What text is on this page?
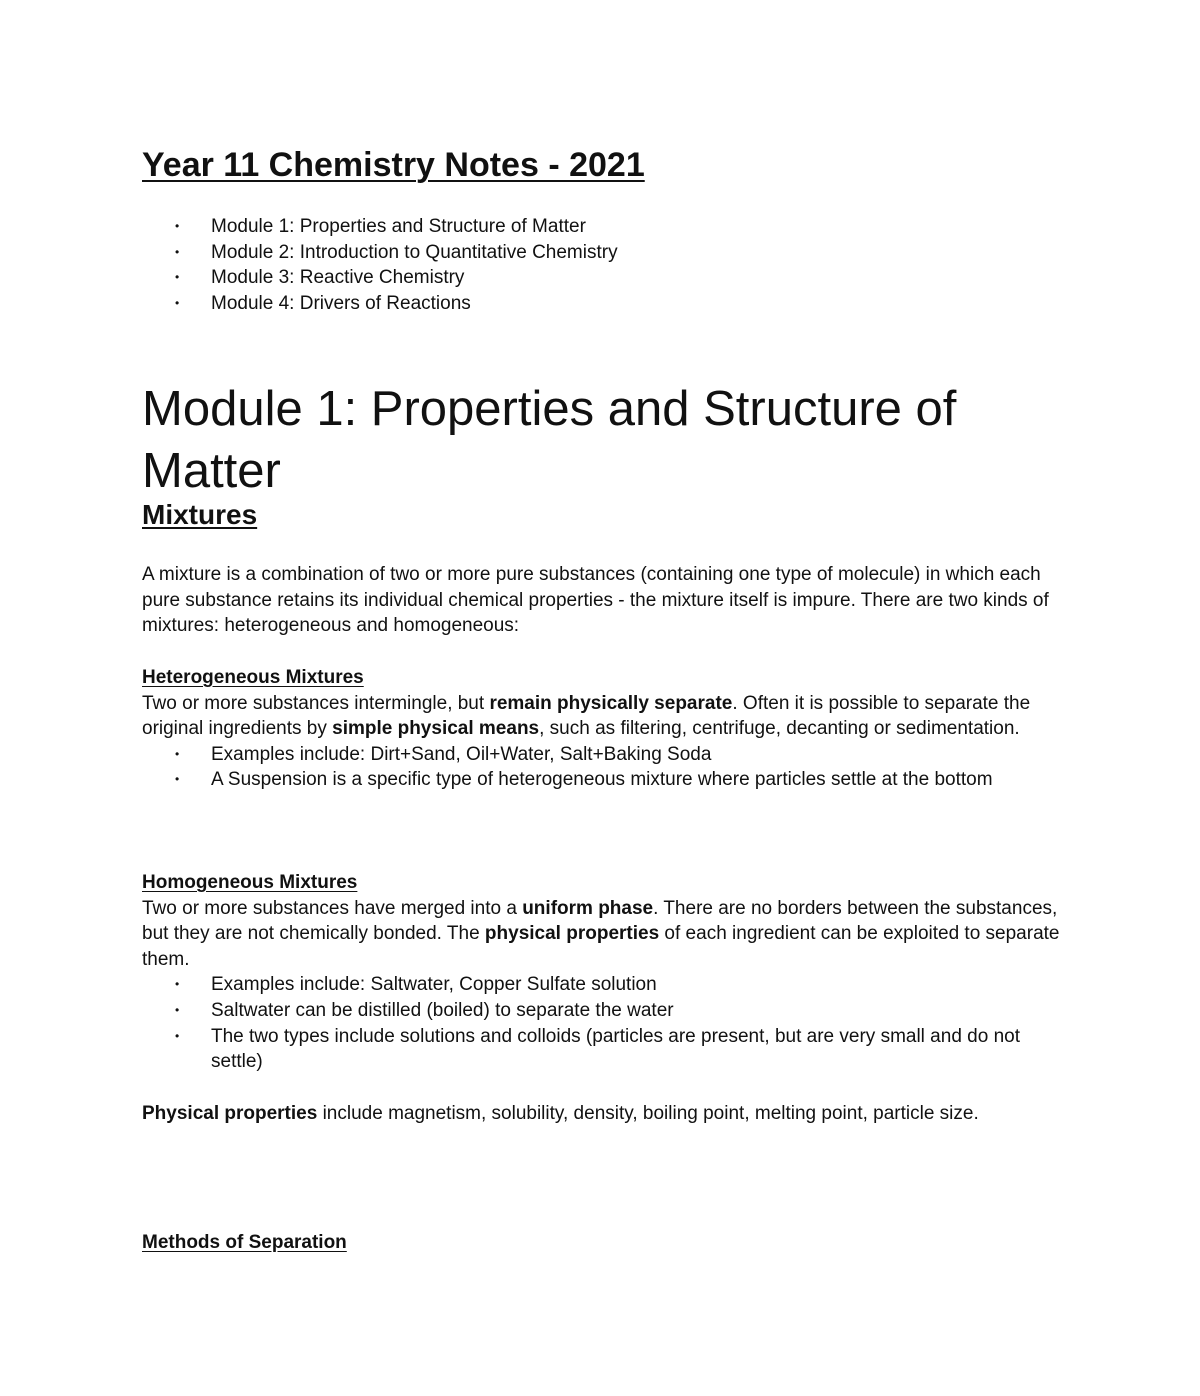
Year 11 Chemistry Notes - 2021
• Module 1: Properties and Structure of Matter
• Module 2: Introduction to Quantitative Chemistry
• Module 3: Reactive Chemistry
• Module 4: Drivers of Reactions
Module 1: Properties and Structure of Matter
Mixtures

A mixture is a combination of two or more pure substances (containing one type of molecule) in which each pure substance retains its individual chemical properties - the mixture itself is impure. There are two kinds of mixtures: heterogeneous and homogeneous:

Heterogeneous Mixtures

Two or more substances intermingle, but remain physically separate. Often it is possible to separate the original ingredients by simple physical means, such as filtering, centrifuge, decanting or sedimentation.

• Examples include: Dirt+Sand, Oil+Water, Salt+Baking Soda
• A Suspension is a specific type of heterogeneous mixture where particles settle at the bottom
Homogeneous Mixtures

Two or more substances have merged into a uniform phase. There are no borders between the substances, but they are not chemically bonded. The physical properties of each ingredient can be exploited to separate them.

• Examples include: Saltwater, Copper Sulfate solution
• Saltwater can be distilled (boiled) to separate the water
• The two types include solutions and colloids (particles are present, but are very small and do not settle)

Physical properties include magnetism, solubility, density, boiling point, melting point, particle size.

Methods of Separation
